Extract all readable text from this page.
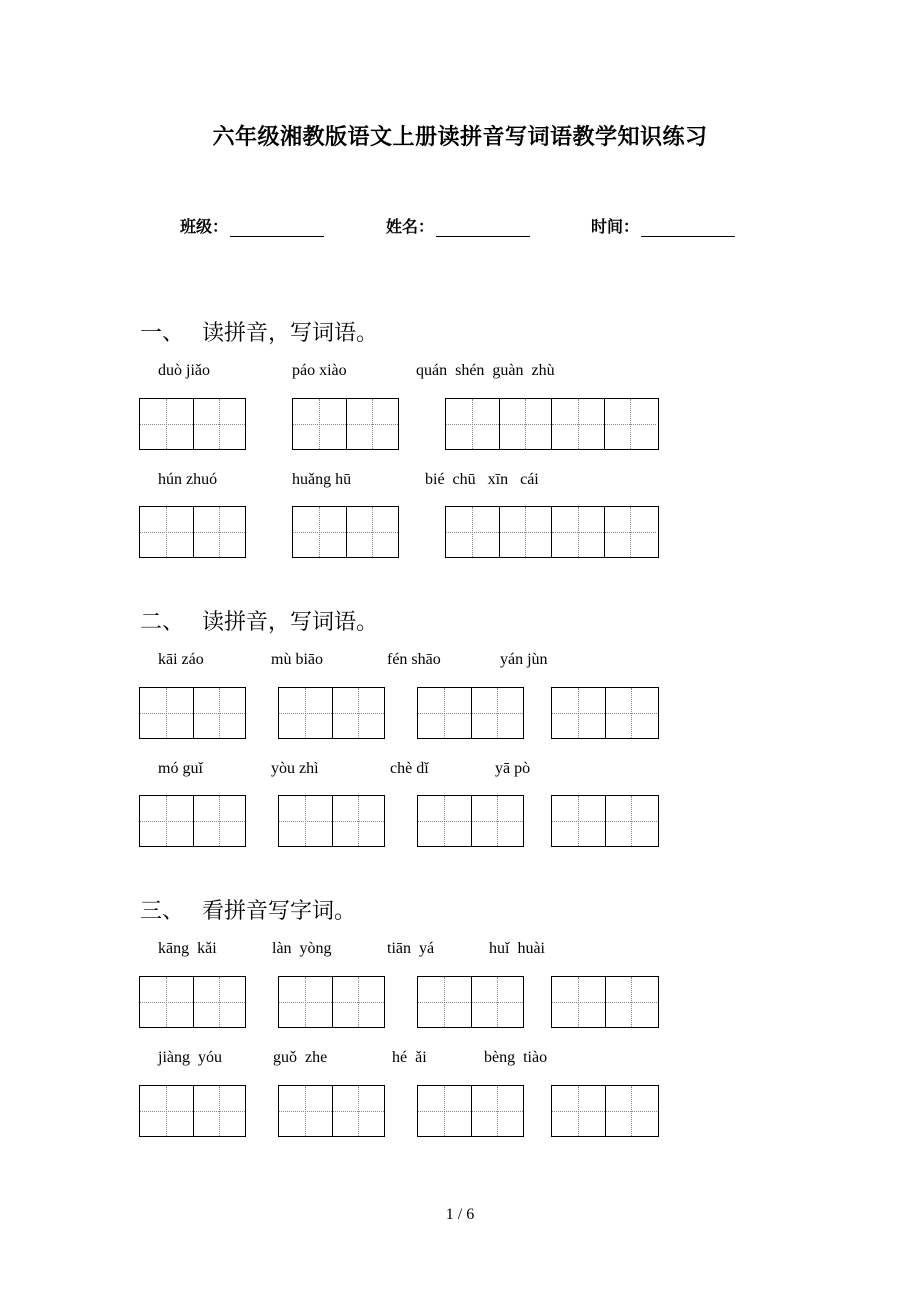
六年级湘教版语文上册读拼音写词语教学知识练习
班级：	姓名：	时间：
一、 读拼音，写词语。
duò jiǎo	páo xiào	quán  shén  guàn  zhù
hún zhuó	huǎng hū	bié  chū   xīn   cái
二、 读拼音，写词语。
kāi záo	mù biāo	fén shāo	yán jùn
mó guǐ	yòu zhì	chè dǐ	yā pò
三、 看拼音写字词。
kāng  kǎi	làn  yòng	tiān  yá	huǐ  huài
jiàng  yóu	guǒ  zhe	hé  ǎi	bèng  tiào
1 / 6
